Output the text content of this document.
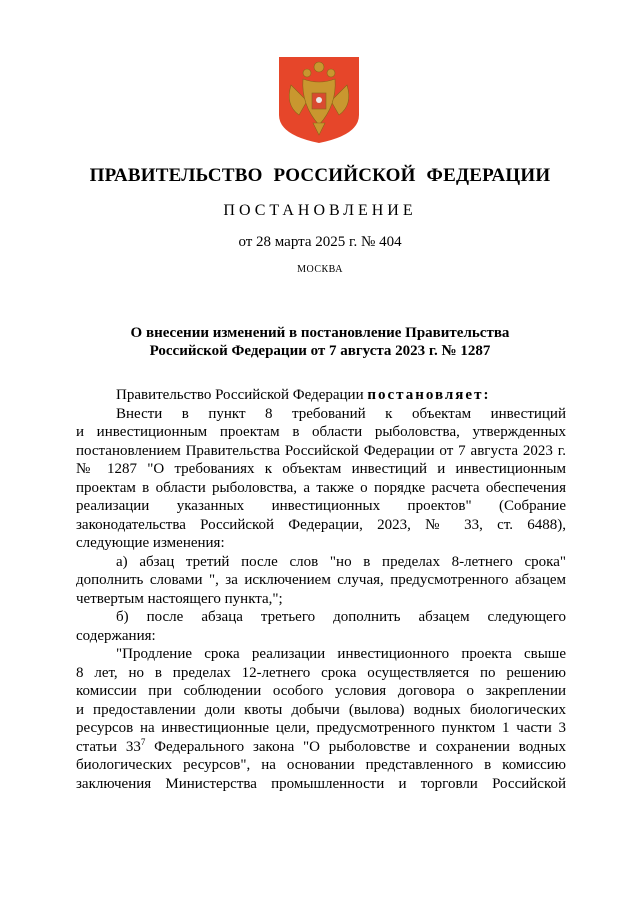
ПРАВИТЕЛЬСТВО РОССИЙСКОЙ ФЕДЕРАЦИИ
ПОСТАНОВЛЕНИЕ
от 28 марта 2025 г. № 404
МОСКВА
О внесении изменений в постановление Правительства
Российской Федерации от 7 августа 2023 г. № 1287

Правительство Российской Федерации постановляет:

Внести в пункт 8 требований к объектам инвестиций

и инвестиционным проектам в области рыболовства, утвержденных

постановлением Правительства Российской Федерации от 7 августа 2023 г.

№ 1287 "О требованиях к объектам инвестиций и инвестиционным

проектам в области рыболовства, а также о порядке расчета обеспечения

реализации указанных инвестиционных проектов" (Собрание

законодательства Российской Федерации, 2023, № 33, ст. 6488),

следующие изменения:

а) абзац третий после слов "но в пределах 8-летнего срока"

дополнить словами ", за исключением случая, предусмотренного абзацем

четвертым настоящего пункта,";

б) после абзаца третьего дополнить абзацем следующего

содержания:

"Продление срока реализации инвестиционного проекта свыше

8 лет, но в пределах 12-летнего срока осуществляется по решению

комиссии при соблюдении особого условия договора о закреплении

и предоставлении доли квоты добычи (вылова) водных биологических

ресурсов на инвестиционные цели, предусмотренного пунктом 1 части 3

статьи $33^7$ Федерального закона "О рыболовстве и сохранении водных

биологических ресурсов", на основании представленного в комиссию

заключения Министерства промышленности и торговли Российской
